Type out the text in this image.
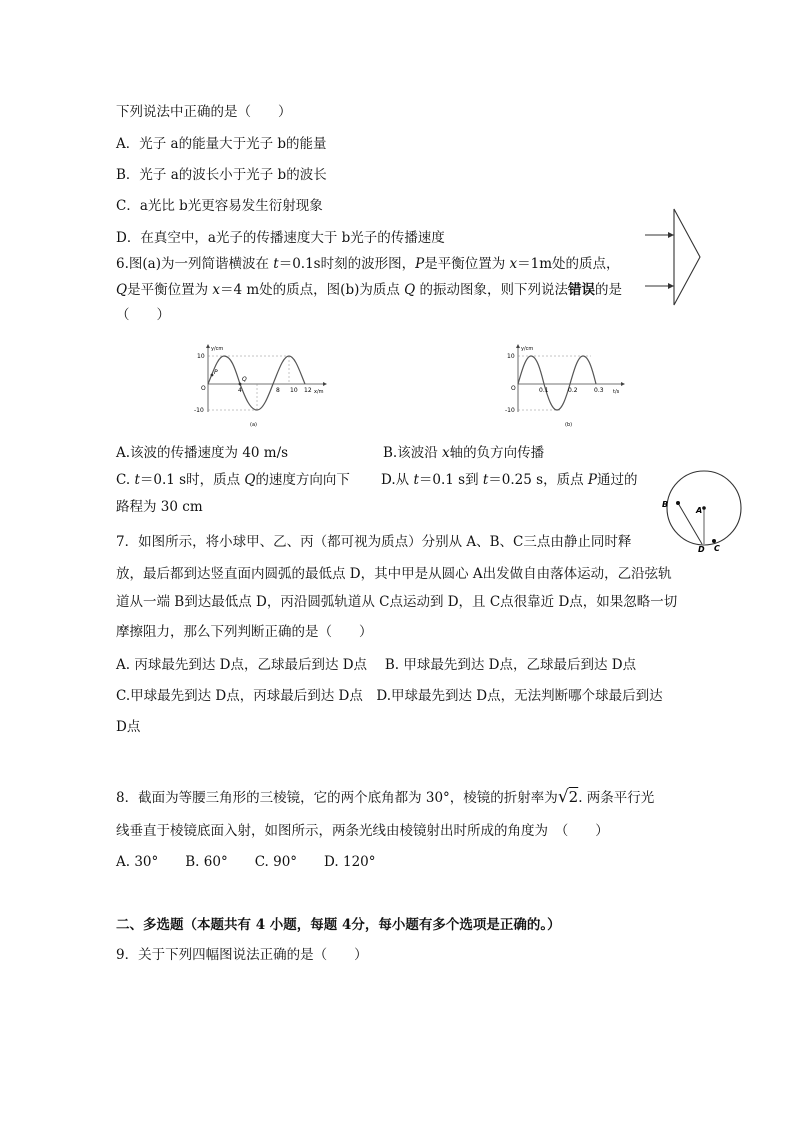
下列说法中正确的是（　　）
A．光子 a的能量大于光子 b的能量
B．光子 a的波长小于光子 b的波长
C．a光比 b光更容易发生衍射现象
D．在真空中，a光子的传播速度大于 b光子的传播速度
6.图(a)为一列简谐横波在 t＝0.1s时刻的波形图，P是平衡位置为 x＝1m处的质点，
Q是平衡位置为 x＝4 m处的质点，图(b)为质点 Q 的振动图象，则下列说法错误的是
（　　）
10
-10
O
y/cm
x/m
4	8 10 12
P
Q
(a)
10
-10
O
y/cm
t/s
0.1	0.2	0.3
(b)
A.该波的传播速度为 40 m/s	B.该波沿 x轴的负方向传播
C. t＝0.1 s时，质点 Q的速度方向向下 D.从 t＝0.1 s到 t＝0.25 s，质点 P通过的
路程为 30 cm	B
A
D C
7．如图所示，将小球甲、乙、丙（都可视为质点）分别从 A、B、C三点由静止同时释
放，最后都到达竖直面内圆弧的最低点 D，其中甲是从圆心 A出发做自由落体运动，乙沿弦轨
道从一端 B到达最低点 D，丙沿圆弧轨道从 C点运动到 D，且 C点很靠近 D点，如果忽略一切
摩擦阻力，那么下列判断正确的是（　　）
A. 丙球最先到达 D点，乙球最后到达 D点　 B. 甲球最先到达 D点，乙球最后到达 D点
C.甲球最先到达 D点，丙球最后到达 D点　D.甲球最先到达 D点，无法判断哪个球最后到达
D点
8．截面为等腰三角形的三棱镜，它的两个底角都为 30°，棱镜的折射率为√2. 两条平行光
线垂直于棱镜底面入射，如图所示，两条光线由棱镜射出时所成的角度为　（　　）
A. 30°　　B. 60°　　C. 90°　　D. 120°
二、多选题（本题共有 4 小题，每题 4分，每小题有多个选项是正确的。）
9．关于下列四幅图说法正确的是（　　）
